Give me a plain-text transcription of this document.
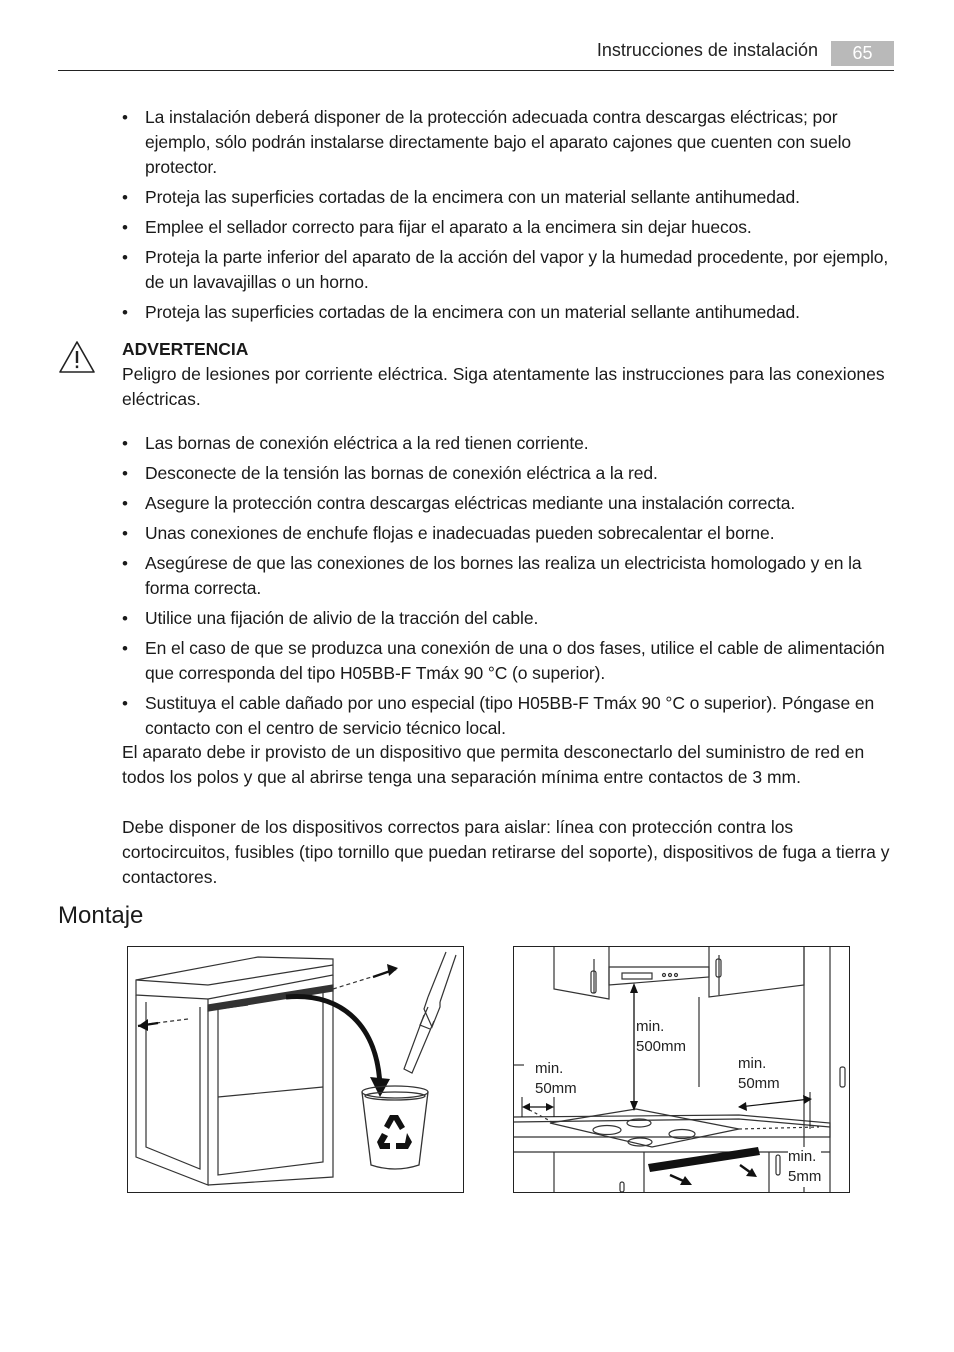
Instrucciones de instalación	65
• La instalación deberá disponer de la protección adecuada contra descargas eléctricas; por ejemplo, sólo podrán instalarse directamente bajo el aparato cajones que cuenten con suelo protector.
• Proteja las superficies cortadas de la encimera con un material sellante antihumedad.
• Emplee el sellador correcto para fijar el aparato a la encimera sin dejar huecos.
• Proteja la parte inferior del aparato de la acción del vapor y la humedad procedente, por ejemplo, de un lavavajillas o un horno.
• Proteja las superficies cortadas de la encimera con un material sellante antihumedad.
ADVERTENCIA
Peligro de lesiones por corriente eléctrica. Siga atentamente las instrucciones para las conexiones eléctricas.
• Las bornas de conexión eléctrica a la red tienen corriente.
• Desconecte de la tensión las bornas de conexión eléctrica a la red.
• Asegure la protección contra descargas eléctricas mediante una instalación correcta.
• Unas conexiones de enchufe flojas e inadecuadas pueden sobrecalentar el borne.
• Asegúrese de que las conexiones de los bornes las realiza un electricista homologado y en la forma correcta.
• Utilice una fijación de alivio de la tracción del cable.
• En el caso de que se produzca una conexión de una o dos fases, utilice el cable de alimentación que corresponda del tipo H05BB-F Tmáx 90 °C (o superior).
• Sustituya el cable dañado por uno especial (tipo H05BB-F Tmáx 90 °C o superior). Póngase en contacto con el centro de servicio técnico local.

El aparato debe ir provisto de un dispositivo que permita desconectarlo del suministro de red en todos los polos y que al abrirse tenga una separación mínima entre contactos de 3 mm.

Debe disponer de los dispositivos correctos para aislar: línea con protección contra los cortocircuitos, fusibles (tipo tornillo que puedan retirarse del soporte), dispositivos de fuga a tierra y contactores.

Montaje
min.
500mm
min.
50mm
min.
50mm
min.
5mm
